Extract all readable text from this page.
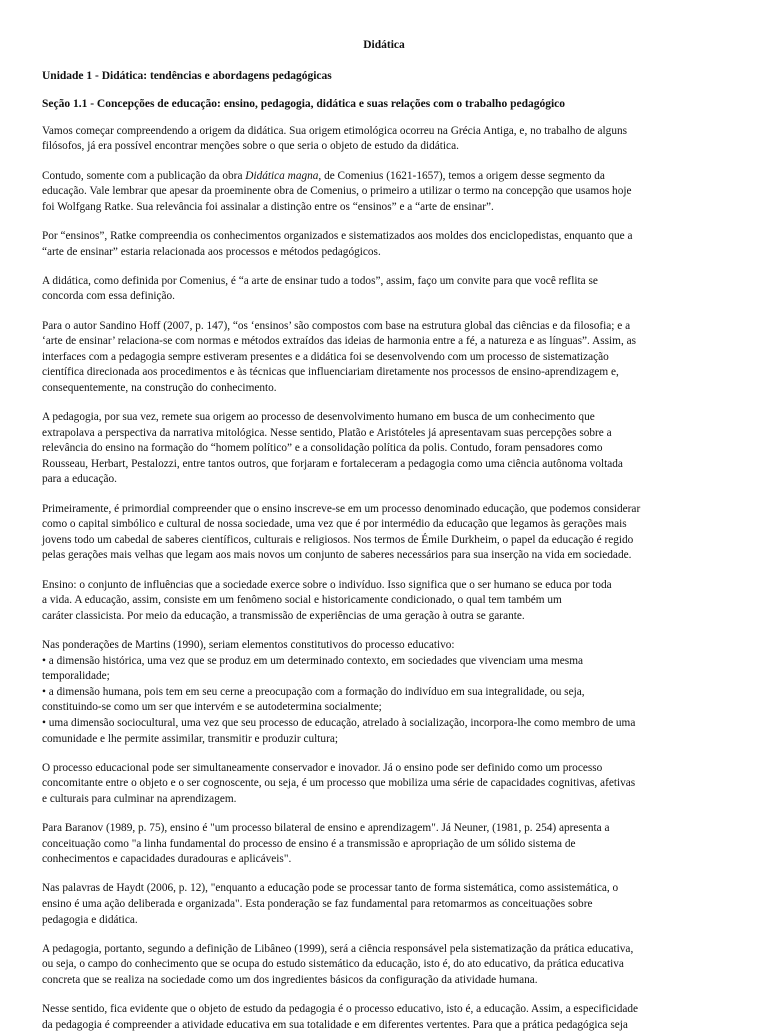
Didática
Unidade 1 - Didática: tendências e abordagens pedagógicas
Seção 1.1 - Concepções de educação: ensino, pedagogia, didática e suas relações com o trabalho pedagógico

Vamos começar compreendendo a origem da didática. Sua origem etimológica ocorreu na Grécia Antiga, e, no trabalho de alguns
filósofos, já era possível encontrar menções sobre o que seria o objeto de estudo da didática.

Contudo, somente com a publicação da obra Didática magna, de Comenius (1621-1657), temos a origem desse segmento da
educação. Vale lembrar que apesar da proeminente obra de Comenius, o primeiro a utilizar o termo na concepção que usamos hoje
foi Wolfgang Ratke. Sua relevância foi assinalar a distinção entre os “ensinos” e a “arte de ensinar”.

Por “ensinos”, Ratke compreendia os conhecimentos organizados e sistematizados aos moldes dos enciclopedistas, enquanto que a
“arte de ensinar” estaria relacionada aos processos e métodos pedagógicos.

A didática, como definida por Comenius, é “a arte de ensinar tudo a todos”, assim, faço um convite para que você reflita se
concorda com essa definição.

Para o autor Sandino Hoff (2007, p. 147), “os ‘ensinos’ são compostos com base na estrutura global das ciências e da filosofia; e a
‘arte de ensinar’ relaciona-se com normas e métodos extraídos das ideias de harmonia entre a fé, a natureza e as línguas”. Assim, as
interfaces com a pedagogia sempre estiveram presentes e a didática foi se desenvolvendo com um processo de sistematização
científica direcionada aos procedimentos e às técnicas que influenciariam diretamente nos processos de ensino-aprendizagem e,
consequentemente, na construção do conhecimento.

A pedagogia, por sua vez, remete sua origem ao processo de desenvolvimento humano em busca de um conhecimento que
extrapolava a perspectiva da narrativa mitológica. Nesse sentido, Platão e Aristóteles já apresentavam suas percepções sobre a
relevância do ensino na formação do “homem político” e a consolidação política da polis. Contudo, foram pensadores como
Rousseau, Herbart, Pestalozzi, entre tantos outros, que forjaram e fortaleceram a pedagogia como uma ciência autônoma voltada
para a educação.

Primeiramente, é primordial compreender que o ensino inscreve-se em um processo denominado educação, que podemos considerar
como o capital simbólico e cultural de nossa sociedade, uma vez que é por intermédio da educação que legamos às gerações mais
jovens todo um cabedal de saberes científicos, culturais e religiosos. Nos termos de Émile Durkheim, o papel da educação é regido
pelas gerações mais velhas que legam aos mais novos um conjunto de saberes necessários para sua inserção na vida em sociedade.

Ensino: o conjunto de influências que a sociedade exerce sobre o indivíduo. Isso significa que o ser humano se educa por toda
a vida. A educação, assim, consiste em um fenômeno social e historicamente condicionado, o qual tem também um
caráter classicista. Por meio da educação, a transmissão de experiências de uma geração à outra se garante.

Nas ponderações de Martins (1990), seriam elementos constitutivos do processo educativo:
• a dimensão histórica, uma vez que se produz em um determinado contexto, em sociedades que vivenciam uma mesma
temporalidade;
• a dimensão humana, pois tem em seu cerne a preocupação com a formação do indivíduo em sua integralidade, ou seja,
constituindo-se como um ser que intervém e se autodetermina socialmente;
• uma dimensão sociocultural, uma vez que seu processo de educação, atrelado à socialização, incorpora-lhe como membro de uma
comunidade e lhe permite assimilar, transmitir e produzir cultura;

O processo educacional pode ser simultaneamente conservador e inovador. Já o ensino pode ser definido como um processo
concomitante entre o objeto e o ser cognoscente, ou seja, é um processo que mobiliza uma série de capacidades cognitivas, afetivas
e culturais para culminar na aprendizagem.

Para Baranov (1989, p. 75), ensino é "um processo bilateral de ensino e aprendizagem". Já Neuner, (1981, p. 254) apresenta a
conceituação como "a linha fundamental do processo de ensino é a transmissão e apropriação de um sólido sistema de
conhecimentos e capacidades duradouras e aplicáveis".

Nas palavras de Haydt (2006, p. 12), "enquanto a educação pode se processar tanto de forma sistemática, como assistemática, o
ensino é uma ação deliberada e organizada". Esta ponderação se faz fundamental para retomarmos as conceituações sobre
pedagogia e didática.

A pedagogia, portanto, segundo a definição de Libâneo (1999), será a ciência responsável pela sistematização da prática educativa,
ou seja, o campo do conhecimento que se ocupa do estudo sistemático da educação, isto é, do ato educativo, da prática educativa
concreta que se realiza na sociedade como um dos ingredientes básicos da configuração da atividade humana.

Nesse sentido, fica evidente que o objeto de estudo da pedagogia é o processo educativo, isto é, a educação. Assim, a especificidade
da pedagogia é compreender a atividade educativa em sua totalidade e em diferentes vertentes. Para que a prática pedagógica seja
